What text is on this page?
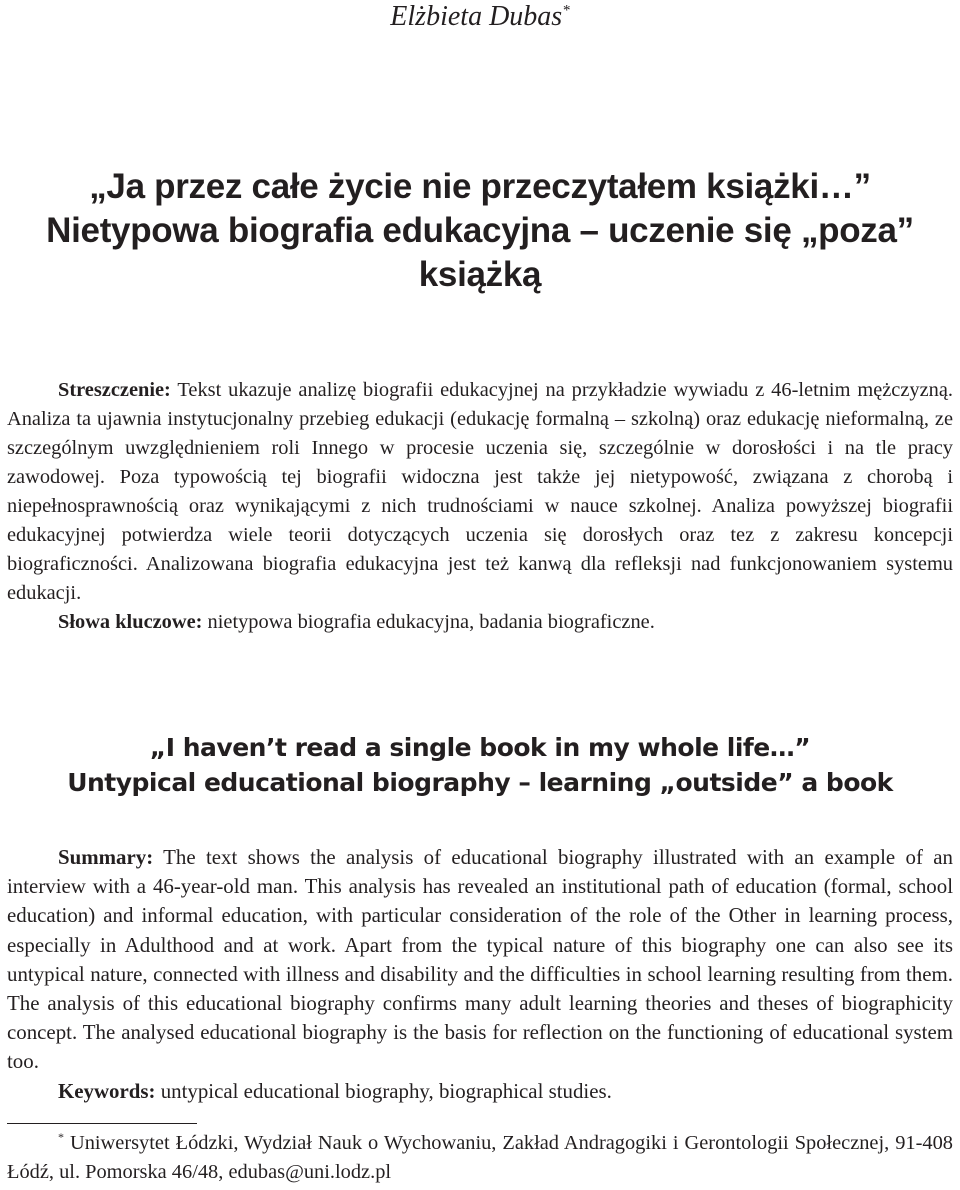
Elżbieta Dubas*
„Ja przez całe życie nie przeczytałem książki…”
Nietypowa biografia edukacyjna – uczenie się „poza”
książką

Streszczenie: Tekst ukazuje analizę biografii edukacyjnej na przykładzie wywiadu z 46-letnim mężczyzną. Analiza ta ujawnia instytucjonalny przebieg edukacji (edukację formalną – szkolną) oraz edukację nieformalną, ze szczególnym uwzględnieniem roli Innego w procesie uczenia się, szczególnie w dorosłości i na tle pracy zawodowej. Poza typowością tej biografii widoczna jest także jej nietypowość, związana z chorobą i niepełnosprawnością oraz wynikającymi z nich trudnościami w nauce szkolnej. Analiza powyższej biografii edukacyjnej potwierdza wiele teorii dotyczących uczenia się dorosłych oraz tez z zakresu koncepcji biograficzności. Analizowana biografia edukacyjna jest też kanwą dla refleksji nad funkcjonowaniem systemu edukacji.

Słowa kluczowe: nietypowa biografia edukacyjna, badania biograficzne.

„I haven’t read a single book in my whole life…”
Untypical educational biography – learning „outside” a book

Summary: The text shows the analysis of educational biography illustrated with an example of an interview with a 46-year-old man. This analysis has revealed an institutional path of education (formal, school education) and informal education, with particular consideration of the role of the Other in learning process, especially in Adulthood and at work. Apart from the typical nature of this biography one can also see its untypical nature, connected with illness and disability and the difficulties in school learning resulting from them. The analysis of this educational biography confirms many adult learning theories and theses of biographicity concept. The analysed educational biography is the basis for reflection on the functioning of educational system too.

Keywords: untypical educational biography, biographical studies.

* Uniwersytet Łódzki, Wydział Nauk o Wychowaniu, Zakład Andragogiki i Gerontologii Społecznej, 91-408 Łódź, ul. Pomorska 46/48, edubas@uni.lodz.pl
